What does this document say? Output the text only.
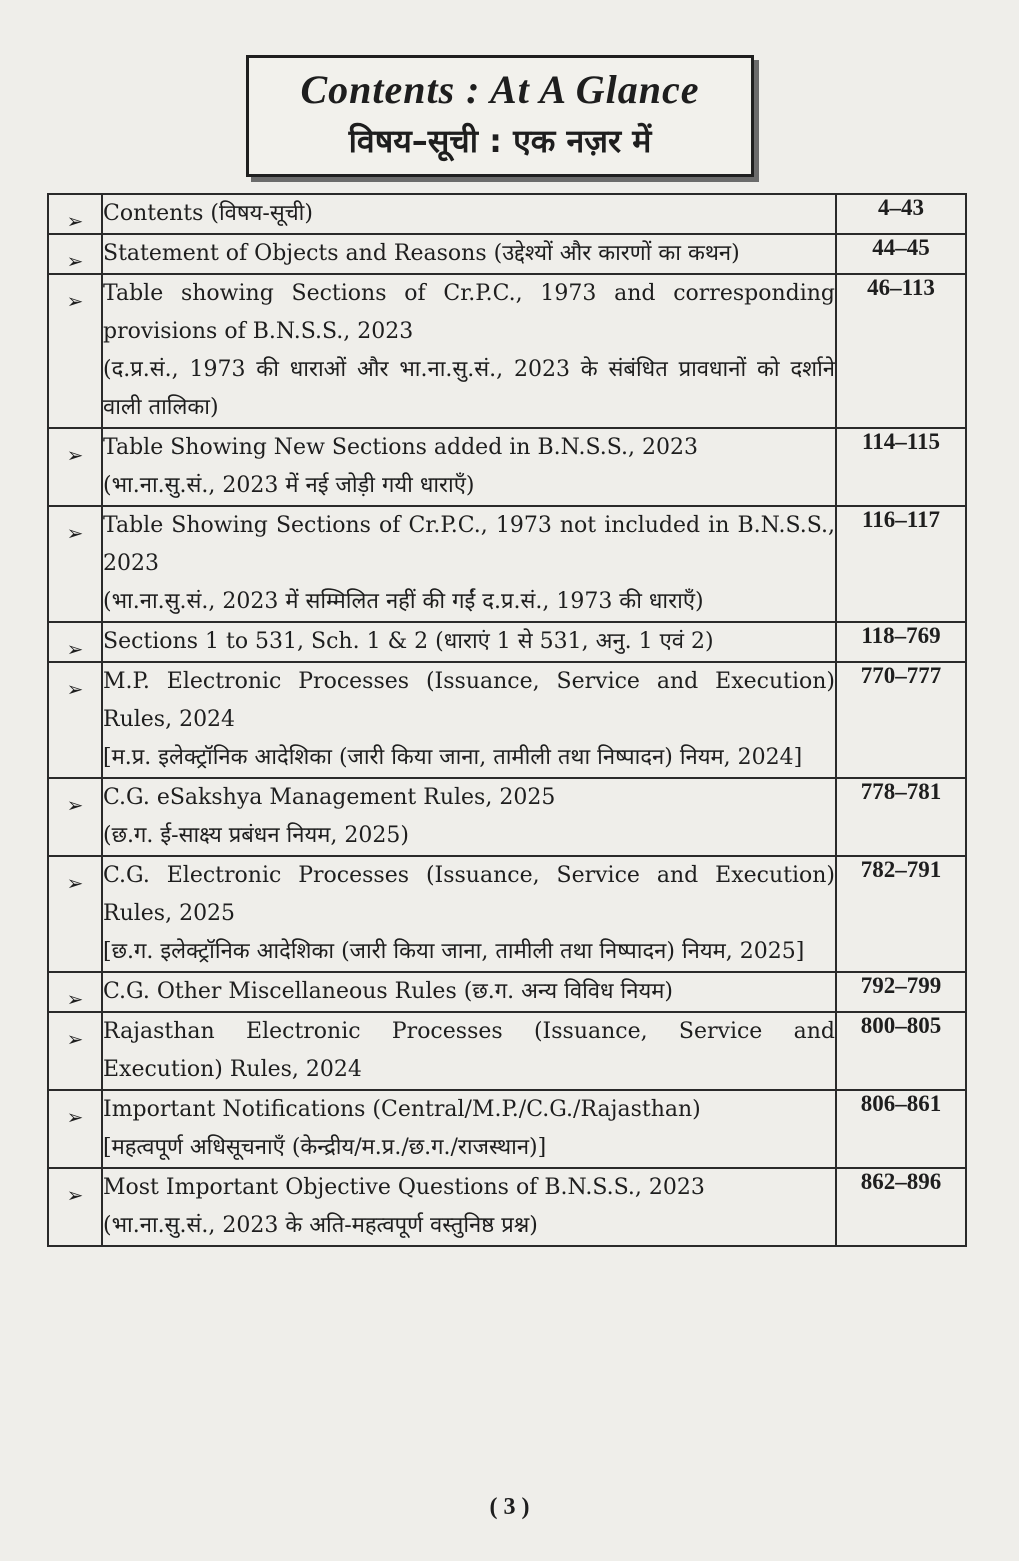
Contents : At A Glance
विषय–सूची : एक नज़र में
➢	Contents (विषय-सूची)	4–43
➢	Statement of Objects and Reasons (उद्देश्यों और कारणों का कथन)	44–45
➢	Table showing Sections of Cr.P.C., 1973 and corresponding provisions of B.N.S.S., 2023
(द.प्र.सं., 1973 की धाराओं और भा.ना.सु.सं., 2023 के संबंधित प्रावधानों को दर्शाने वाली तालिका)	46–113
➢	Table Showing New Sections added in B.N.S.S., 2023
(भा.ना.सु.सं., 2023 में नई जोड़ी गयी धाराएँ)	114–115
➢	Table Showing Sections of Cr.P.C., 1973 not included in B.N.S.S., 2023
(भा.ना.सु.सं., 2023 में सम्मिलित नहीं की गईं द.प्र.सं., 1973 की धाराएँ)	116–117
➢	Sections 1 to 531, Sch. 1 & 2 (धाराएं 1 से 531, अनु. 1 एवं 2)	118–769
➢	M.P. Electronic Processes (Issuance, Service and Execution) Rules, 2024
[म.प्र. इलेक्ट्रॉनिक आदेशिका (जारी किया जाना, तामीली तथा निष्पादन) नियम, 2024]	770–777
➢	C.G. eSakshya Management Rules, 2025
(छ.ग. ई-साक्ष्य प्रबंधन नियम, 2025)	778–781
➢	C.G. Electronic Processes (Issuance, Service and Execution) Rules, 2025
[छ.ग. इलेक्ट्रॉनिक आदेशिका (जारी किया जाना, तामीली तथा निष्पादन) नियम, 2025]	782–791
➢	C.G. Other Miscellaneous Rules (छ.ग. अन्य विविध नियम)	792–799
➢	Rajasthan Electronic Processes (Issuance, Service and Execution) Rules, 2024	800–805
➢	Important Notifications (Central/M.P./C.G./Rajasthan)
[महत्वपूर्ण अधिसूचनाएँ (केन्द्रीय/म.प्र./छ.ग./राजस्थान)]	806–861
➢	Most Important Objective Questions of B.N.S.S., 2023
(भा.ना.सु.सं., 2023 के अति-महत्वपूर्ण वस्तुनिष्ठ प्रश्न)	862–896
( 3 )
